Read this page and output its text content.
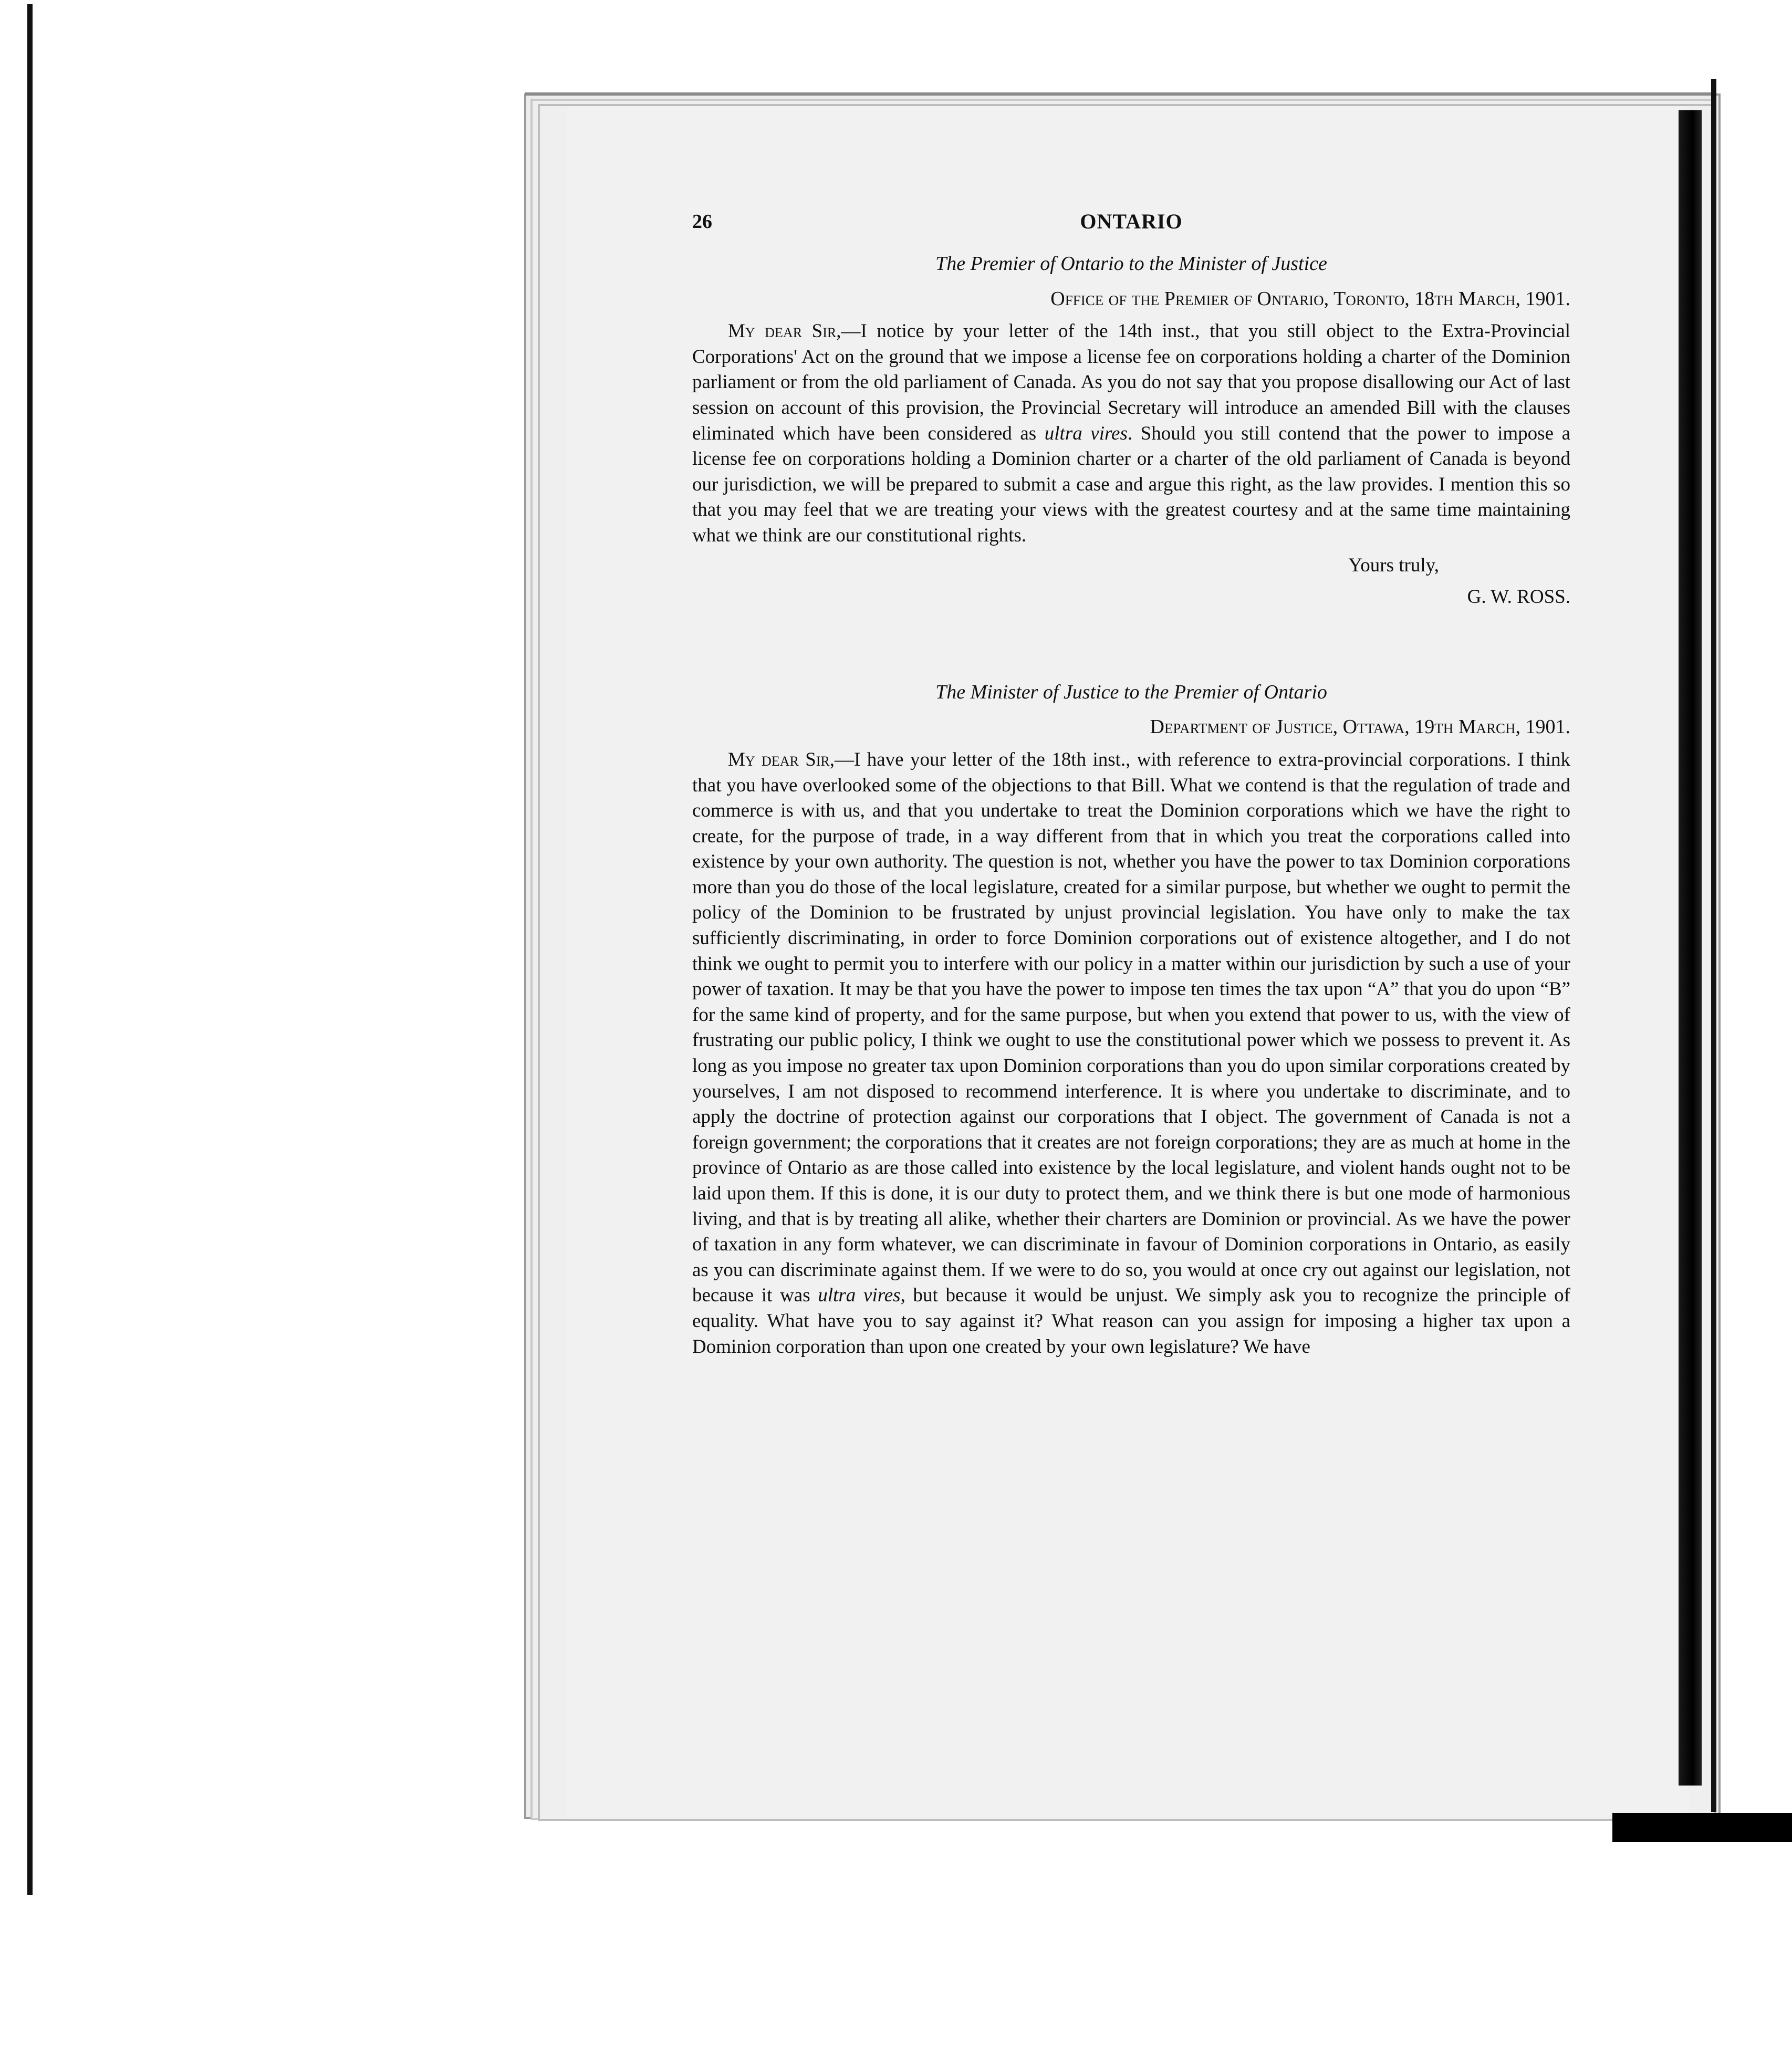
26	ONTARIO
The Premier of Ontario to the Minister of Justice
Office of the Premier of Ontario, Toronto, 18th March, 1901.

My dear Sir,—I notice by your letter of the 14th inst., that you still object to the Extra-Provincial Corporations' Act on the ground that we impose a license fee on corporations holding a charter of the Dominion parliament or from the old parliament of Canada. As you do not say that you propose disallowing our Act of last session on account of this provision, the Provincial Secretary will introduce an amended Bill with the clauses eliminated which have been considered as ultra vires. Should you still contend that the power to impose a license fee on corporations holding a Dominion charter or a charter of the old parliament of Canada is beyond our jurisdiction, we will be prepared to submit a case and argue this right, as the law provides. I mention this so that you may feel that we are treating your views with the greatest courtesy and at the same time maintaining what we think are our constitutional rights.

Yours truly,
G. W. ROSS.
The Minister of Justice to the Premier of Ontario
Department of Justice, Ottawa, 19th March, 1901.

My dear Sir,—I have your letter of the 18th inst., with reference to extra-provincial corporations. I think that you have overlooked some of the objections to that Bill. What we contend is that the regulation of trade and commerce is with us, and that you undertake to treat the Dominion corporations which we have the right to create, for the purpose of trade, in a way different from that in which you treat the corporations called into existence by your own authority. The question is not, whether you have the power to tax Dominion corporations more than you do those of the local legislature, created for a similar purpose, but whether we ought to permit the policy of the Dominion to be frustrated by unjust provincial legislation. You have only to make the tax sufficiently discriminating, in order to force Dominion corporations out of existence altogether, and I do not think we ought to permit you to interfere with our policy in a matter within our jurisdiction by such a use of your power of taxation. It may be that you have the power to impose ten times the tax upon “A” that you do upon “B” for the same kind of property, and for the same purpose, but when you extend that power to us, with the view of frustrating our public policy, I think we ought to use the constitutional power which we possess to prevent it. As long as you impose no greater tax upon Dominion corporations than you do upon similar corporations created by yourselves, I am not disposed to recommend interference. It is where you undertake to discriminate, and to apply the doctrine of protection against our corporations that I object. The government of Canada is not a foreign government; the corporations that it creates are not foreign corporations; they are as much at home in the province of Ontario as are those called into existence by the local legislature, and violent hands ought not to be laid upon them. If this is done, it is our duty to protect them, and we think there is but one mode of harmonious living, and that is by treating all alike, whether their charters are Dominion or provincial. As we have the power of taxation in any form whatever, we can discriminate in favour of Dominion corporations in Ontario, as easily as you can discriminate against them. If we were to do so, you would at once cry out against our legislation, not because it was ultra vires, but because it would be unjust. We simply ask you to recognize the principle of equality. What have you to say against it? What reason can you assign for imposing a higher tax upon a Dominion corporation than upon one created by your own legislature? We have
